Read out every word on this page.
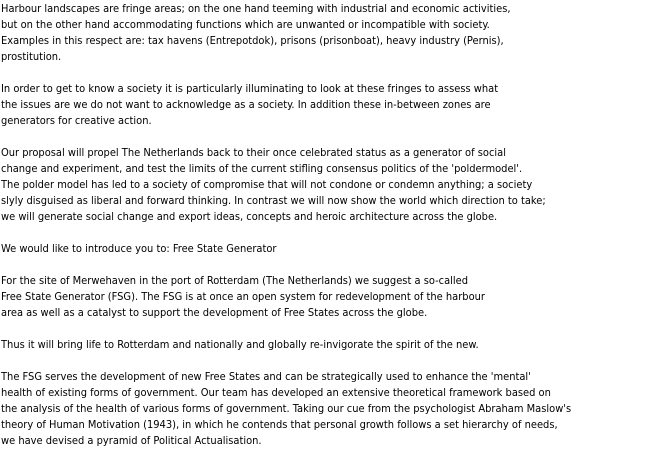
Harbour landscapes are fringe areas; on the one hand teeming with industrial and economic activities,
but on the other hand accommodating functions which are unwanted or incompatible with society.
Examples in this respect are: tax havens (Entrepotdok), prisons (prisonboat), heavy industry (Pernis),
prostitution.
In order to get to know a society it is particularly illuminating to look at these fringes to assess what
the issues are we do not want to acknowledge as a society. In addition these in-between zones are
generators for creative action.
Our proposal will propel The Netherlands back to their once celebrated status as a generator of social
change and experiment, and test the limits of the current stifling consensus politics of the 'poldermodel'.
The polder model has led to a society of compromise that will not condone or condemn anything; a society
slyly disguised as liberal and forward thinking. In contrast we will now show the world which direction to take;
we will generate social change and export ideas, concepts and heroic architecture across the globe.
We would like to introduce you to: Free State Generator
For the site of Merwehaven in the port of Rotterdam (The Netherlands) we suggest a so-called
Free State Generator (FSG). The FSG is at once an open system for redevelopment of the harbour
area as well as a catalyst to support the development of Free States across the globe.
Thus it will bring life to Rotterdam and nationally and globally re-invigorate the spirit of the new.
The FSG serves the development of new Free States and can be strategically used to enhance the 'mental'
health of existing forms of government. Our team has developed an extensive theoretical framework based on
the analysis of the health of various forms of government. Taking our cue from the psychologist Abraham Maslow's
theory of Human Motivation (1943), in which he contends that personal growth follows a set hierarchy of needs,
we have devised a pyramid of Political Actualisation.
